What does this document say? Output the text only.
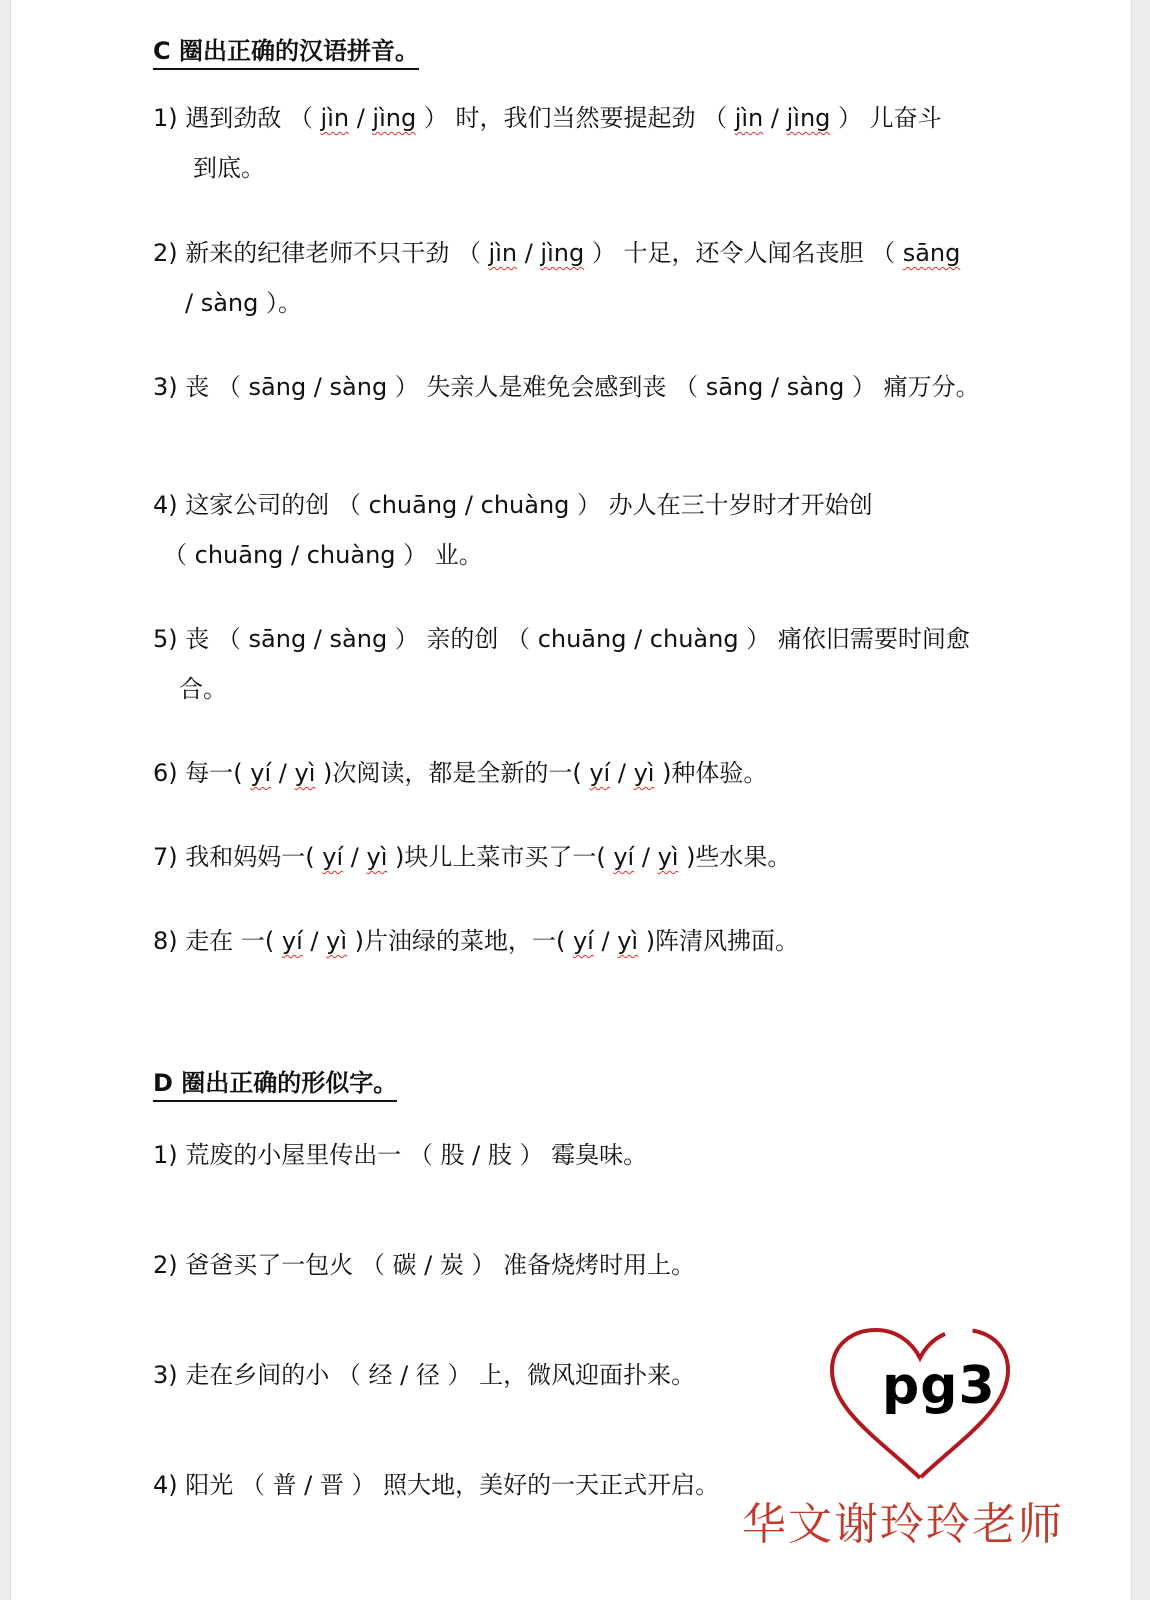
C 圈出正确的汉语拼音。
1) 遇到劲敌 （ jìn / jìng ） 时，我们当然要提起劲 （ jìn / jìng ） 儿奋斗
到底。
2) 新来的纪律老师不只干劲 （ jìn / jìng ） 十足，还令人闻名丧胆 （ sāng
/ sàng ）。
3) 丧 （ sāng / sàng ） 失亲人是难免会感到丧 （ sāng / sàng ） 痛万分。
4) 这家公司的创 （ chuāng / chuàng ） 办人在三十岁时才开始创
（ chuāng / chuàng ） 业。
5) 丧 （ sāng / sàng ） 亲的创 （ chuāng / chuàng ） 痛依旧需要时间愈
合。
6) 每一( yí / yì )次阅读，都是全新的一( yí / yì )种体验。
7) 我和妈妈一( yí / yì )块儿上菜市买了一( yí / yì )些水果。
8) 走在 一( yí / yì )片油绿的菜地，一( yí / yì )阵清风拂面。
D 圈出正确的形似字。
1) 荒废的小屋里传出一 （ 股 / 肢 ） 霉臭味。
2) 爸爸买了一包火 （ 碳 / 炭 ） 准备烧烤时用上。
3) 走在乡间的小 （ 经 / 径 ） 上，微风迎面扑来。
4) 阳光 （ 普 / 晋 ） 照大地，美好的一天正式开启。
pg3
华文谢玲玲老师
